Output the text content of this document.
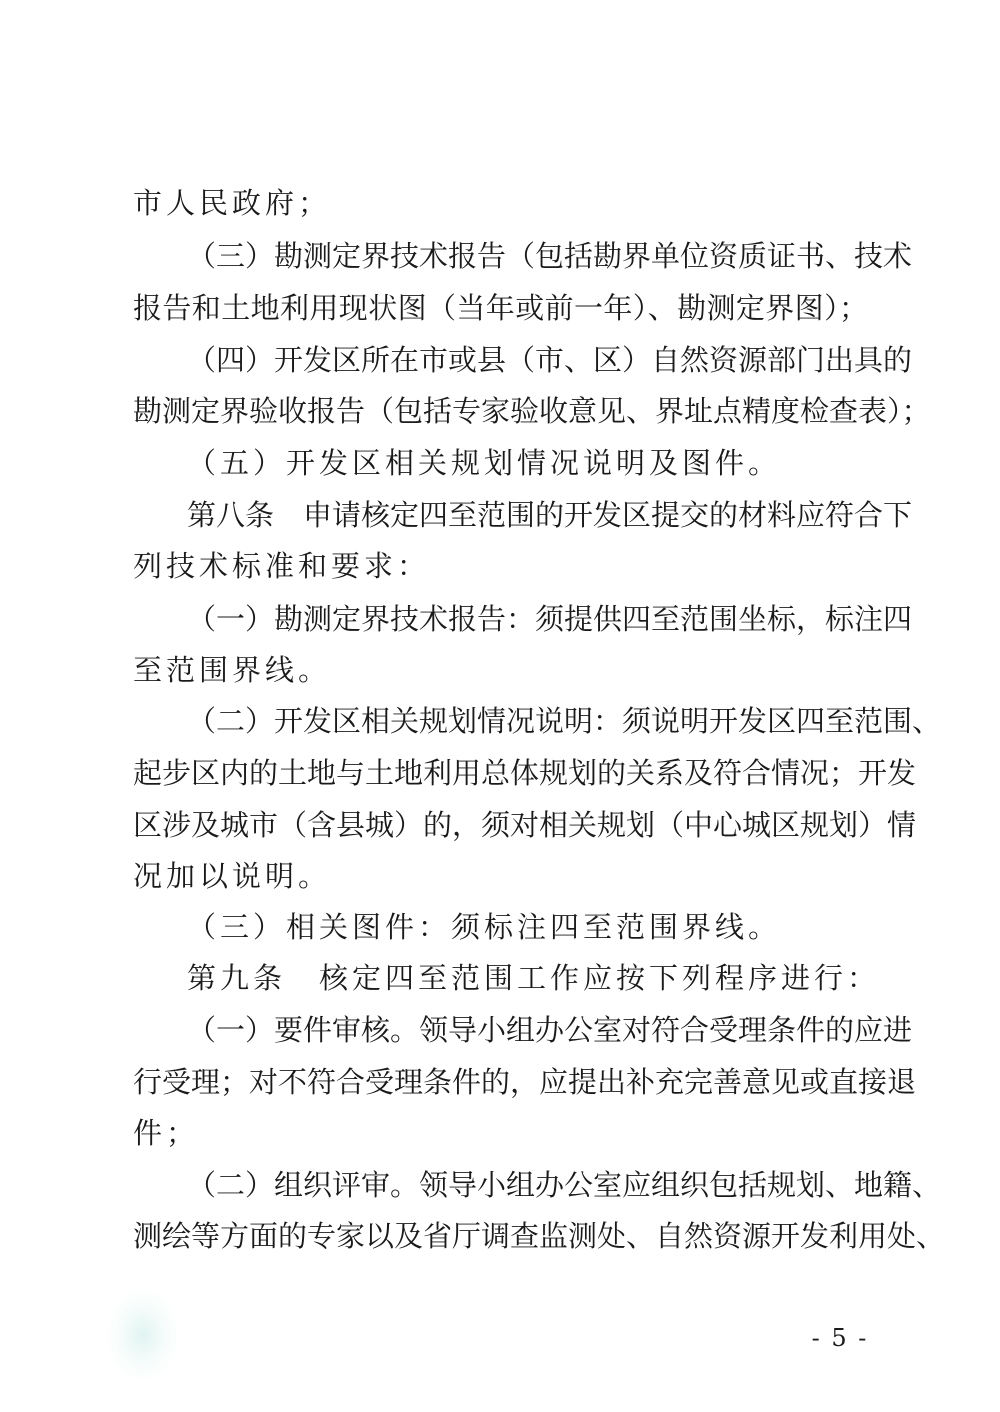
市人民政府；
（三）勘测定界技术报告（包括勘界单位资质证书、技术
报告和土地利用现状图（当年或前一年）、勘测定界图）；
（四）开发区所在市或县（市、区）自然资源部门出具的
勘测定界验收报告（包括专家验收意见、界址点精度检查表）；
（五）开发区相关规划情况说明及图件。
第八条　申请核定四至范围的开发区提交的材料应符合下
列技术标准和要求：
（一）勘测定界技术报告：须提供四至范围坐标，标注四
至范围界线。
（二）开发区相关规划情况说明：须说明开发区四至范围、
起步区内的土地与土地利用总体规划的关系及符合情况；开发
区涉及城市（含县城）的，须对相关规划（中心城区规划）情
况加以说明。
（三）相关图件：须标注四至范围界线。
第九条　核定四至范围工作应按下列程序进行：
（一）要件审核。领导小组办公室对符合受理条件的应进
行受理；对不符合受理条件的，应提出补充完善意见或直接退
件；
（二）组织评审。领导小组办公室应组织包括规划、地籍、
测绘等方面的专家以及省厅调查监测处、自然资源开发利用处、
- 5 -
